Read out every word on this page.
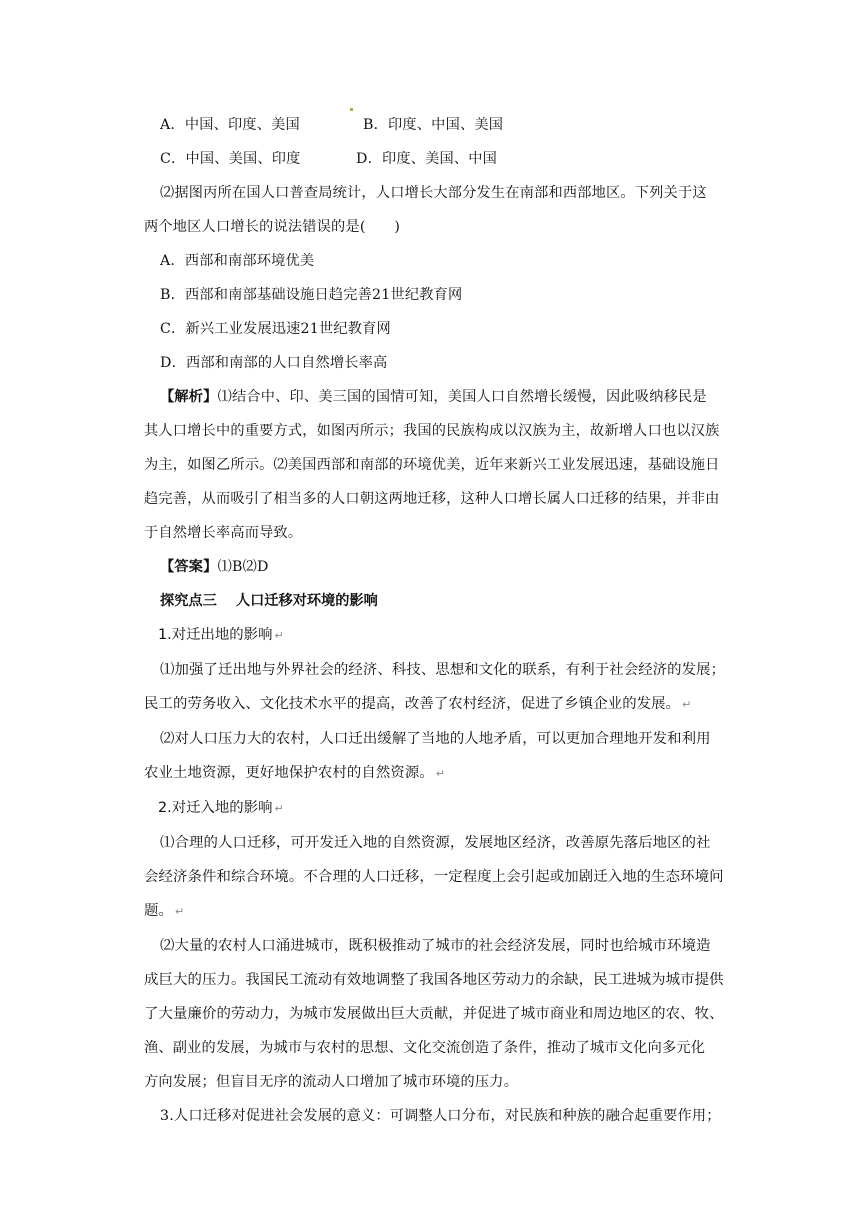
A．中国、印度、美国	B．印度、中国、美国
C．中国、美国、印度	D．印度、美国、中国
⑵据图丙所在国人口普查局统计，人口增长大部分发生在南部和西部地区。下列关于这
两个地区人口增长的说法错误的是(　　)
A．西部和南部环境优美
B．西部和南部基础设施日趋完善21世纪教育网
C．新兴工业发展迅速21世纪教育网
D．西部和南部的人口自然增长率高
【解析】⑴结合中、印、美三国的国情可知，美国人口自然增长缓慢，因此吸纳移民是
其人口增长中的重要方式，如图丙所示；我国的民族构成以汉族为主，故新增人口也以汉族
为主，如图乙所示。⑵美国西部和南部的环境优美，近年来新兴工业发展迅速，基础设施日
趋完善，从而吸引了相当多的人口朝这两地迁移，这种人口增长属人口迁移的结果，并非由
于自然增长率高而导致。
【答案】⑴B⑵D
探究点三　 人口迁移对环境的影响
1.对迁出地的影响 ↵
⑴加强了迁出地与外界社会的经济、科技、思想和文化的联系，有利于社会经济的发展；
民工的劳务收入、文化技术水平的提高，改善了农村经济，促进了乡镇企业的发展。 ↵
⑵对人口压力大的农村，人口迁出缓解了当地的人地矛盾，可以更加合理地开发和利用
农业土地资源，更好地保护农村的自然资源。 ↵
2.对迁入地的影响 ↵
⑴合理的人口迁移，可开发迁入地的自然资源，发展地区经济，改善原先落后地区的社
会经济条件和综合环境。不合理的人口迁移，一定程度上会引起或加剧迁入地的生态环境问
题。 ↵
⑵大量的农村人口涌进城市，既积极推动了城市的社会经济发展，同时也给城市环境造
成巨大的压力。我国民工流动有效地调整了我国各地区劳动力的余缺，民工进城为城市提供
了大量廉价的劳动力，为城市发展做出巨大贡献，并促进了城市商业和周边地区的农、牧、
渔、副业的发展，为城市与农村的思想、文化交流创造了条件，推动了城市文化向多元化
方向发展；但盲目无序的流动人口增加了城市环境的压力。
3.人口迁移对促进社会发展的意义：可调整人口分布，对民族和种族的融合起重要作用；
